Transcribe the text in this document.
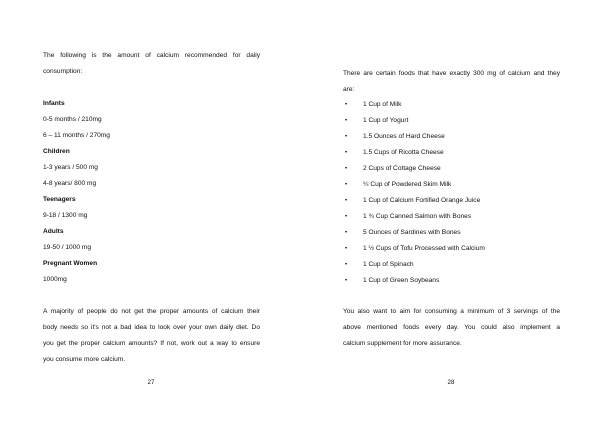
The following is the amount of calcium recommended for daily
consumption:
Infants
0-5 months / 210mg
6 – 11 months / 270mg
Children
1-3 years / 500 mg
4-8 years/ 800 mg
Teenagers
9-18 / 1300 mg
Adults
19-50 / 1000 mg
Pregnant Women
1000mg
A majority of people do not get the proper amounts of calcium their
body needs so it's not a bad idea to look over your own daily diet. Do
you get the proper calcium amounts? If not, work out a way to ensure
you consume more calcium.
27
There are certain foods that have exactly 300 mg of calcium and they
are:
• 1 Cup of Milk
• 1 Cup of Yogurt
• 1.5 Ounces of Hard Cheese
• 1.5 Cups of Ricotta Cheese
• 2 Cups of Cottage Cheese
• ¼ Cup of Powdered Skim Milk
• 1 Cup of Calcium Fortified Orange Juice
• 1 ¾ Cup Canned Salmon with Bones
• 5 Ounces of Sardines with Bones
• 1 ½ Cups of Tofu Processed with Calcium
• 1 Cup of Spinach
• 1 Cup of Green Soybeans
You also want to aim for consuming a minimum of 3 servings of the
above mentioned foods every day. You could also implement a
calcium supplement for more assurance.
28
